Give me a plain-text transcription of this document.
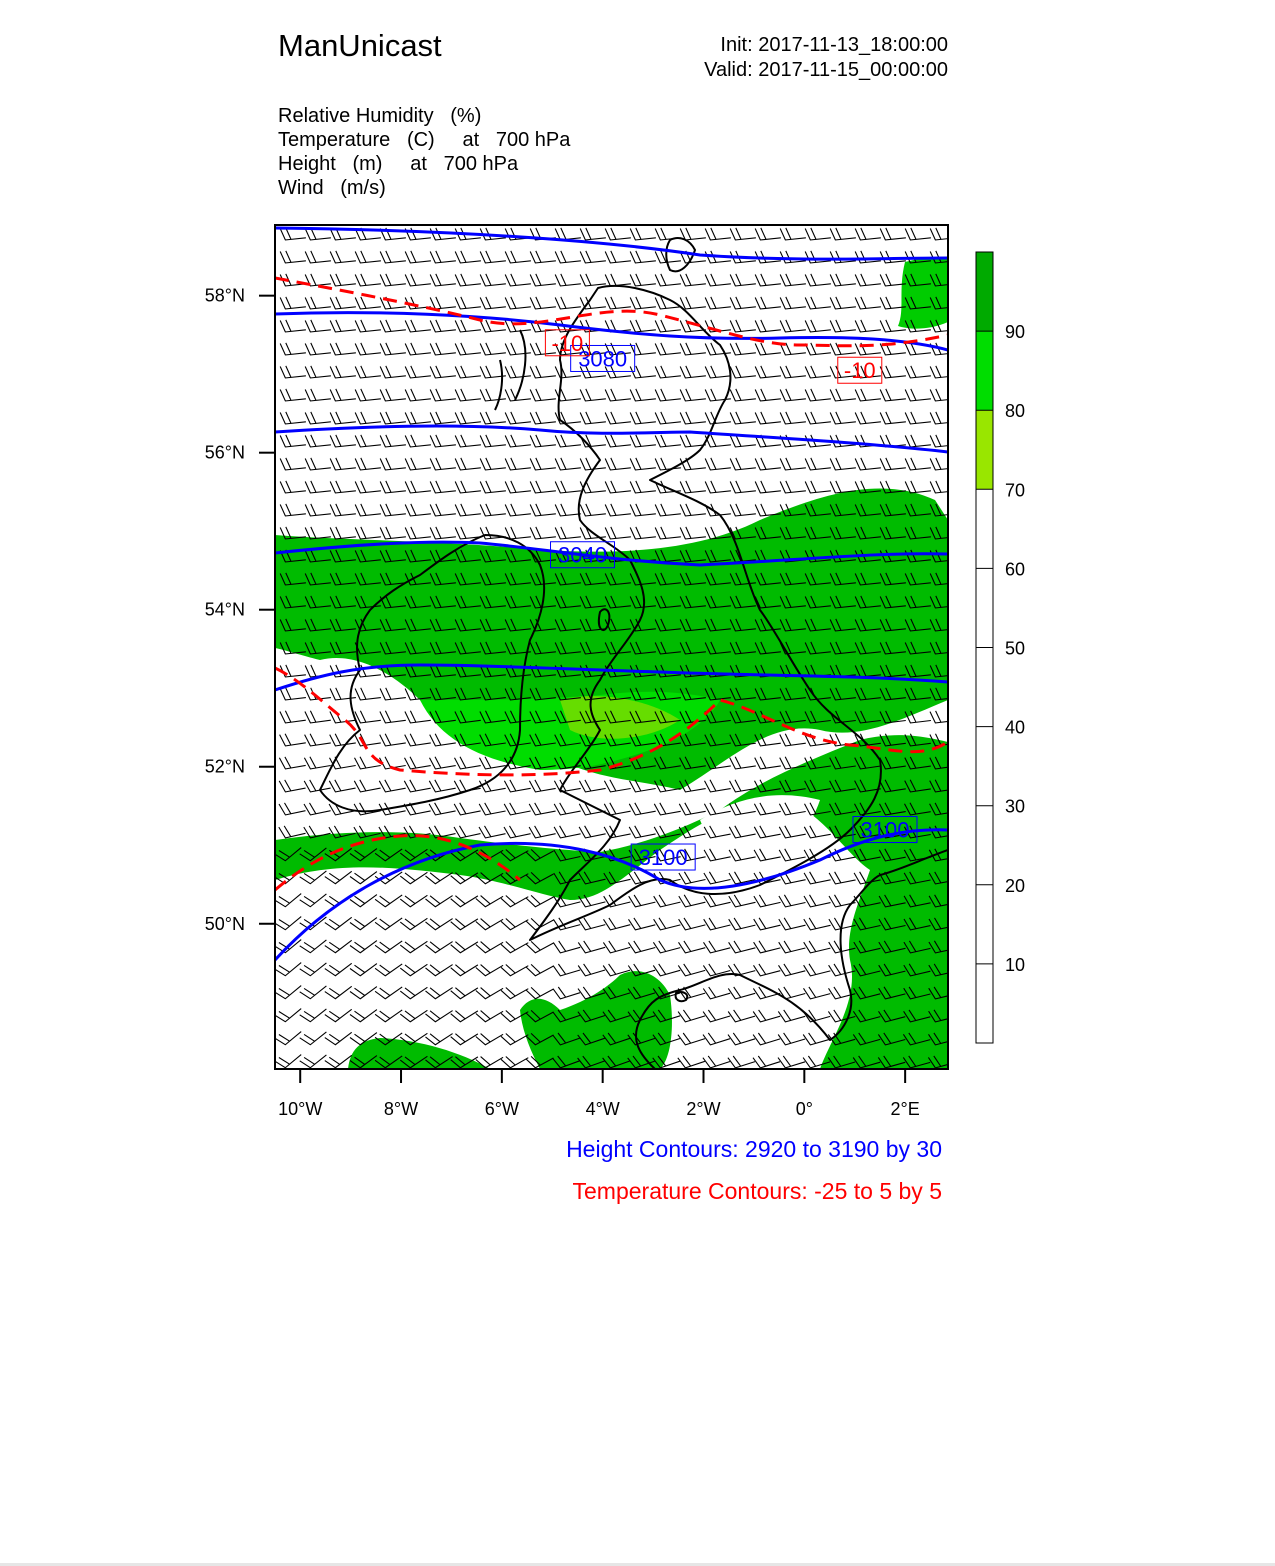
ManUnicast	Init: 2017-11-13_18:00:00
Valid: 2017-11-15_00:00:00
Relative Humidity   (%)
Temperature   (C)     at   700 hPa
Height   (m)     at   700 hPa
Wind   (m/s)
3080
3040
3100
3100
-10
-10
58°N
56°N
54°N
52°N
50°N
10°W	8°W	6°W	4°W	2°W	0°	2°E
90
80
70
60
50
40
30
20
10
Height Contours: 2920 to 3190 by 30
Temperature Contours: -25 to 5 by 5
